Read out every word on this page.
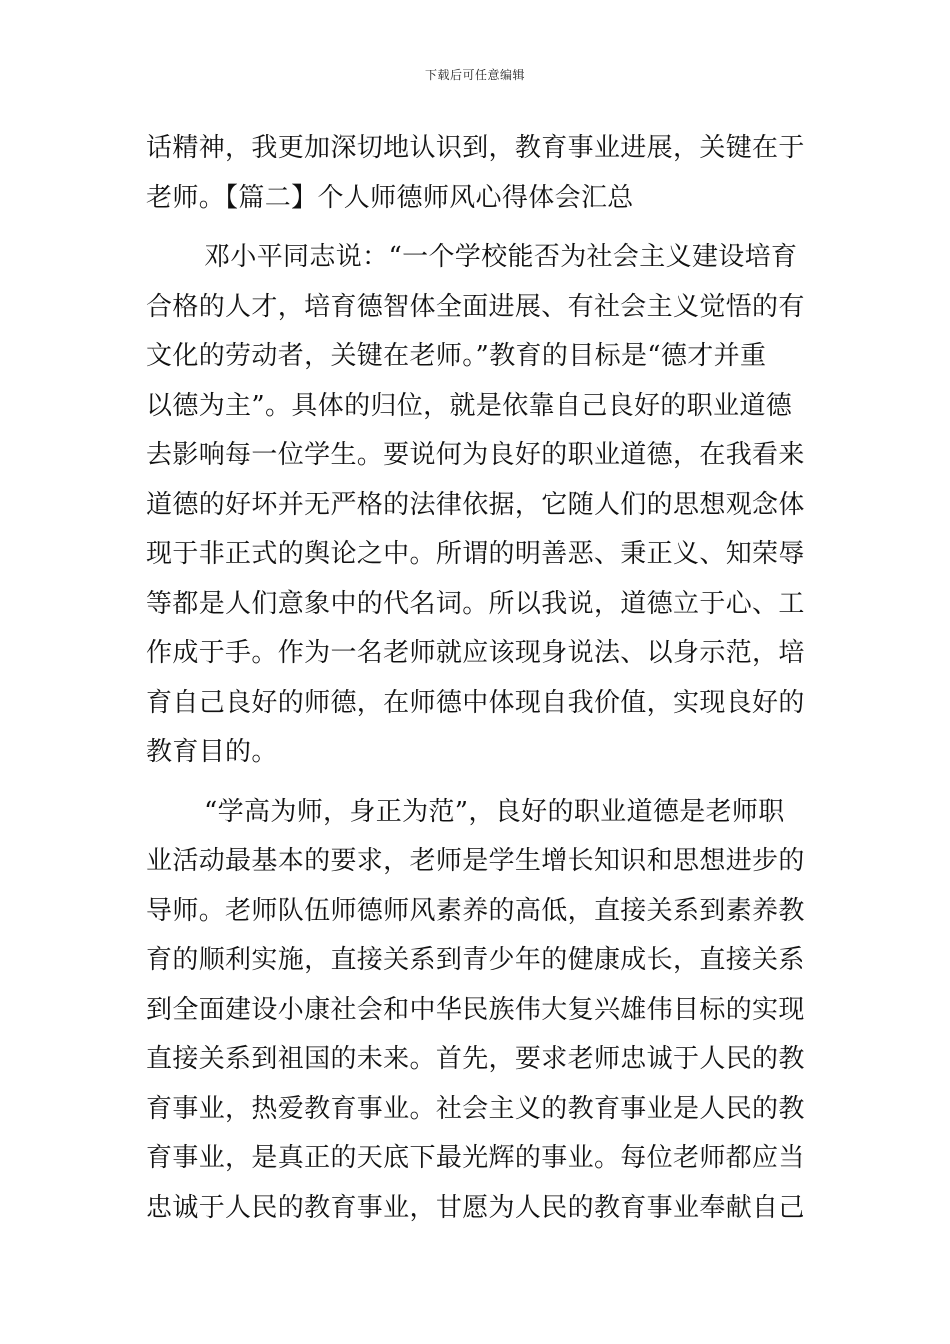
下载后可任意编辑
话精神，我更加深切地认识到，教育事业进展，关键在于
老师。【篇二】个人师德师风心得体会汇总
邓小平同志说：“一个学校能否为社会主义建设培育
合格的人才，培育德智体全面进展、有社会主义觉悟的有
文化的劳动者，关键在老师。”教育的目标是“德才并重
以德为主”。具体的归位，就是依靠自己良好的职业道德
去影响每一位学生。要说何为良好的职业道德，在我看来
道德的好坏并无严格的法律依据，它随人们的思想观念体
现于非正式的舆论之中。所谓的明善恶、秉正义、知荣辱
等都是人们意象中的代名词。所以我说，道德立于心、工
作成于手。作为一名老师就应该现身说法、以身示范，培
育自己良好的师德，在师德中体现自我价值，实现良好的
教育目的。
“学高为师，身正为范”，良好的职业道德是老师职
业活动最基本的要求，老师是学生增长知识和思想进步的
导师。老师队伍师德师风素养的高低，直接关系到素养教
育的顺利实施，直接关系到青少年的健康成长，直接关系
到全面建设小康社会和中华民族伟大复兴雄伟目标的实现
直接关系到祖国的未来。首先，要求老师忠诚于人民的教
育事业，热爱教育事业。社会主义的教育事业是人民的教
育事业，是真正的天底下最光辉的事业。每位老师都应当
忠诚于人民的教育事业，甘愿为人民的教育事业奉献自己
